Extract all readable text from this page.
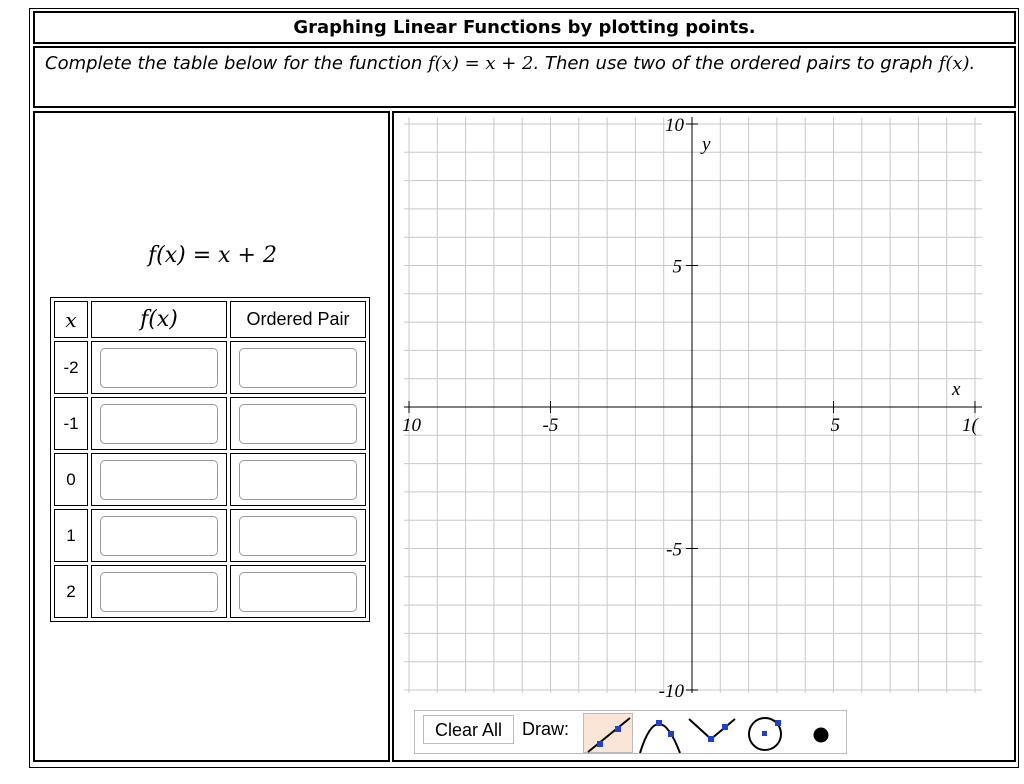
Graphing Linear Functions by plotting points.
Complete the table below for the function f(x) = x + 2. Then use two of the ordered pairs to graph f(x).
f(x) = x + 2
x	f(x)	Ordered Pair
-2		
-1		
0		
1		
2		
10
5
-5
-10
10	-5	5	1(
x
y
Clear All	Draw:
